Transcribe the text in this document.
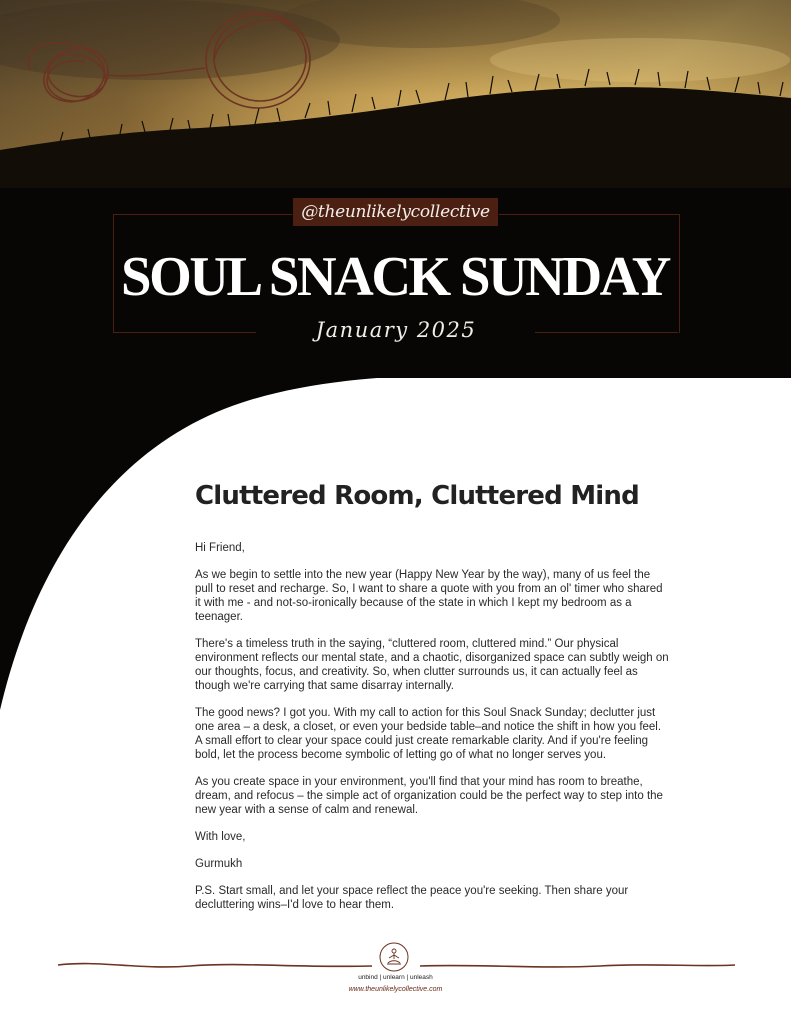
@theunlikelycollective
SOUL SNACK SUNDAY
January 2025
Cluttered Room, Cluttered Mind

Hi Friend,

As we begin to settle into the new year (Happy New Year by the way), many of us feel the pull to reset and recharge. So, I want to share a quote with you from an ol' timer who shared it with me - and not-so-ironically because of the state in which I kept my bedroom as a teenager.

There's a timeless truth in the saying, “cluttered room, cluttered mind.” Our physical environment reflects our mental state, and a chaotic, disorganized space can subtly weigh on our thoughts, focus, and creativity. So, when clutter surrounds us, it can actually feel as though we're carrying that same disarray internally.

The good news? I got you. With my call to action for this Soul Snack Sunday; declutter just one area – a desk, a closet, or even your bedside table–and notice the shift in how you feel. A small effort to clear your space could just create remarkable clarity. And if you're feeling bold, let the process become symbolic of letting go of what no longer serves you.

As you create space in your environment, you'll find that your mind has room to breathe, dream, and refocus – the simple act of organization could be the perfect way to step into the new year with a sense of calm and renewal.

With love,

Gurmukh

P.S. Start small, and let your space reflect the peace you're seeking. Then share your decluttering wins–I'd love to hear them.

unbind | unlearn | unleash
www.theunlikelycollective.com
